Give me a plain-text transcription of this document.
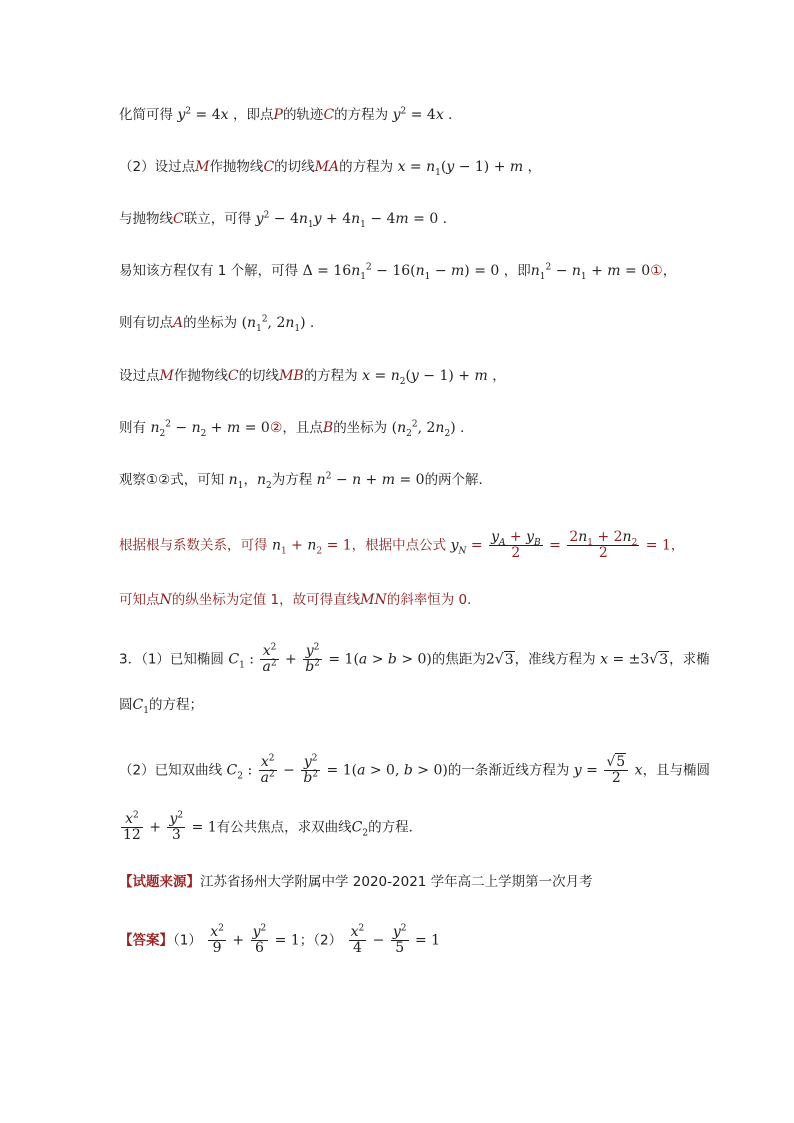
化简可得 $y^2 = 4x$ ，即点P的轨迹C的方程为 $y^2 = 4x$ ．
（2）设过点M作抛物线C的切线MA的方程为 $x = n_1(y - 1) + m$ ，
与抛物线C联立，可得 $y^2 - 4n_1y + 4n_1 - 4m = 0$ ．
易知该方程仅有 1 个解，可得 $\Delta = 16n_1^2 - 16(n_1 - m) = 0$ ，即$n_1^2 - n_1 + m$ = 0①，
则有切点A的坐标为 ($n_1^2$, $2n_1$) ．
设过点M作抛物线C的切线MB的方程为 $x = n_2(y - 1) + m$ ，
则有 $n_2^2 - n_2 + m$ = 0②，且点B的坐标为 ($n_2^2$, $2n_2$) ．
观察①②式，可知 $n_1$，$n_2$为方程 $n^2 - n + m = 0$的两个解．
根据根与系数关系，可得 $n_1 + n_2 = 1$，根据中点公式 $y_N = \frac{y_A + y_B}{2} = \frac{2n_1 + 2n_2}{2} = 1$，
可知点N的纵坐标为定值 1，故可得直线MN的斜率恒为 0．
3．（1）已知椭圆 $C_1$ : $\frac{x^2}{a^2} + \frac{y^2}{b^2} = 1(a > b > 0)$的焦距为2√3，准线方程为 x = ±3√3，求椭
圆$C_1$的方程；
（2）已知双曲线 $C_2$ : $\frac{x^2}{a^2} - \frac{y^2}{b^2} = 1(a > 0$, b > 0)的一条渐近线方程为 $y = \frac{√5}{2}$ x，且与椭圆
$\frac{x^2}{12} + \frac{y^2}{3} = 1$有公共焦点，求双曲线$C_2$的方程．
【试题来源】江苏省扬州大学附属中学 2020-2021 学年高二上学期第一次月考
【答案】$(1) \frac{x^2}{9} + \frac{y^2}{6} = 1$；$(2) \frac{x^2}{4} - \frac{y^2}{5} = 1$
